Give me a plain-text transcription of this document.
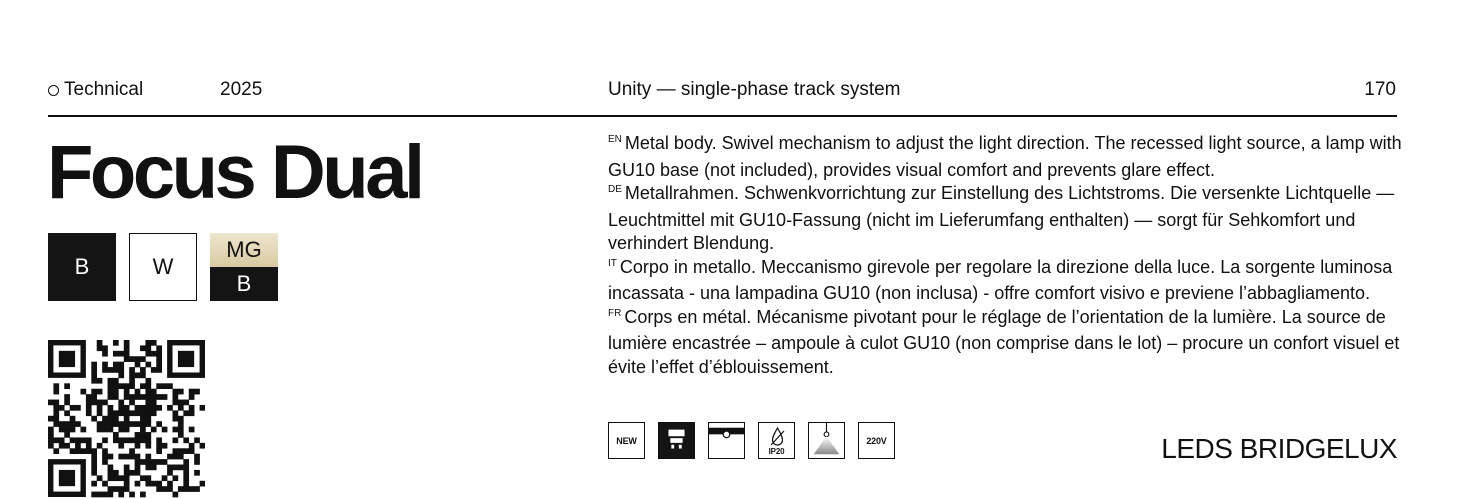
Technical	2025	Unity — single-phase track system	170
Focus Dual
B	W
MG
B

$^{EN}$ Metal body. Swivel mechanism to adjust the light direction. The recessed light source, a lamp with GU10 base (not included), provides visual comfort and prevents glare effect.

$^{DE}$ Metallrahmen. Schwenkvorrichtung zur Einstellung des Lichtstroms. Die versenkte Lichtquelle — Leuchtmittel mit GU10-Fassung (nicht im Lieferumfang enthalten) — sorgt für Sehkomfort und verhindert Blendung.

$^{IT}$ Corpo in metallo. Meccanismo girevole per regolare la direzione della luce. La sorgente luminosa incassata - una lampadina GU10 (non inclusa) - offre comfort visivo e previene l’abbagliamento.

$^{FR}$ Corps en métal. Mécanisme pivotant pour le réglage de l’orientation de la lumière. La source de lumière encastrée – ampoule à culot GU10 (non comprise dans le lot) – procure un confort visuel et évite l’effet d’éblouissement.

NEW
IP20
220V	LEDS BRIDGELUX
